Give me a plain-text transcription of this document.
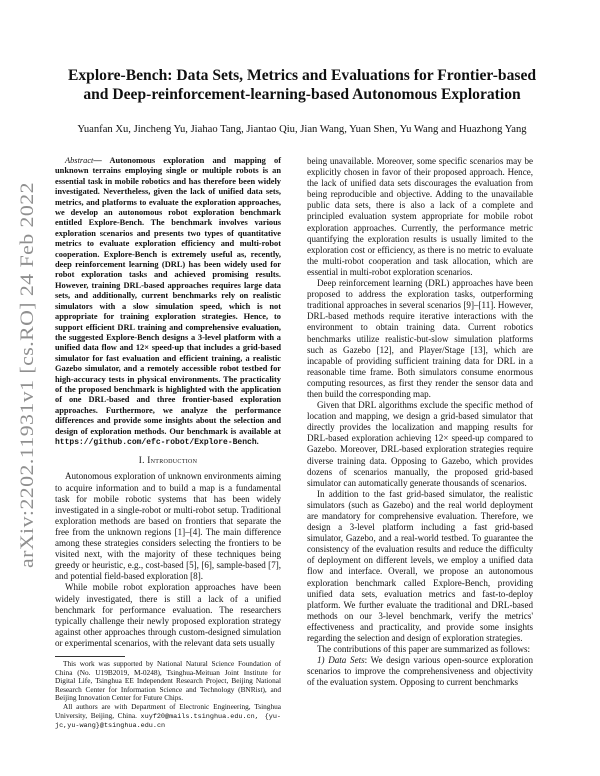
arXiv:2202.11931v1 [cs.RO] 24 Feb 2022
Explore-Bench: Data Sets, Metrics and Evaluations for Frontier-based
and Deep-reinforcement-learning-based Autonomous Exploration
Yuanfan Xu, Jincheng Yu, Jiahao Tang, Jiantao Qiu, Jian Wang, Yuan Shen, Yu Wang and Huazhong Yang

Abstract— Autonomous exploration and mapping of unknown terrains employing single or multiple robots is an essential task in mobile robotics and has therefore been widely investigated. Nevertheless, given the lack of unified data sets, metrics, and platforms to evaluate the exploration approaches, we develop an autonomous robot exploration benchmark entitled Explore-Bench. The benchmark involves various exploration scenarios and presents two types of quantitative metrics to evaluate exploration efficiency and multi-robot cooperation. Explore-Bench is extremely useful as, recently, deep reinforcement learning (DRL) has been widely used for robot exploration tasks and achieved promising results. However, training DRL-based approaches requires large data sets, and additionally, current benchmarks rely on realistic simulators with a slow simulation speed, which is not appropriate for training exploration strategies. Hence, to support efficient DRL training and comprehensive evaluation, the suggested Explore-Bench designs a 3-level platform with a unified data flow and 12× speed-up that includes a grid-based simulator for fast evaluation and efficient training, a realistic Gazebo simulator, and a remotely accessible robot testbed for high-accuracy tests in physical environments. The practicality of the proposed benchmark is highlighted with the application of one DRL-based and three frontier-based exploration approaches. Furthermore, we analyze the performance differences and provide some insights about the selection and design of exploration methods. Our benchmark is available at https://github.com/efc-robot/Explore-Bench.

I. Introduction

Autonomous exploration of unknown environments aiming to acquire information and to build a map is a fundamental task for mobile robotic systems that has been widely investigated in a single-robot or multi-robot setup. Traditional exploration methods are based on frontiers that separate the free from the unknown regions [1]–[4]. The main difference among these strategies considers selecting the frontiers to be visited next, with the majority of these techniques being greedy or heuristic, e.g., cost-based [5], [6], sample-based [7], and potential field-based exploration [8].

While mobile robot exploration approaches have been widely investigated, there is still a lack of a unified benchmark for performance evaluation. The researchers typically challenge their newly proposed exploration strategy against other approaches through custom-designed simulation or experimental scenarios, with the relevant data sets usually

This work was supported by National Natural Science Foundation of China (No. U19B2019, M-0248), Tsinghua-Meituan Joint Institute for Digital Life, Tsinghua EE Independent Research Project, Beijing National Research Center for Information Science and Technology (BNRist), and Beijing Innovation Center for Future Chips.

All authors are with Department of Electronic Engineering, Tsinghua University, Beijing, China. xuyf20@mails.tsinghua.edu.cn, {yu-jc,yu-wang}@tsinghua.edu.cn

being unavailable. Moreover, some specific scenarios may be explicitly chosen in favor of their proposed approach. Hence, the lack of unified data sets discourages the evaluation from being reproducible and objective. Adding to the unavailable public data sets, there is also a lack of a complete and principled evaluation system appropriate for mobile robot exploration approaches. Currently, the performance metric quantifying the exploration results is usually limited to the exploration cost or efficiency, as there is no metric to evaluate the multi-robot cooperation and task allocation, which are essential in multi-robot exploration scenarios.

Deep reinforcement learning (DRL) approaches have been proposed to address the exploration tasks, outperforming traditional approaches in several scenarios [9]–[11]. However, DRL-based methods require iterative interactions with the environment to obtain training data. Current robotics benchmarks utilize realistic-but-slow simulation platforms such as Gazebo [12], and Player/Stage [13], which are incapable of providing sufficient training data for DRL in a reasonable time frame. Both simulators consume enormous computing resources, as first they render the sensor data and then build the corresponding map.

Given that DRL algorithms exclude the specific method of location and mapping, we design a grid-based simulator that directly provides the localization and mapping results for DRL-based exploration achieving 12× speed-up compared to Gazebo. Moreover, DRL-based exploration strategies require diverse training data. Opposing to Gazebo, which provides dozens of scenarios manually, the proposed grid-based simulator can automatically generate thousands of scenarios.

In addition to the fast grid-based simulator, the realistic simulators (such as Gazebo) and the real world deployment are mandatory for comprehensive evaluation. Therefore, we design a 3-level platform including a fast grid-based simulator, Gazebo, and a real-world testbed. To guarantee the consistency of the evaluation results and reduce the difficulty of deployment on different levels, we employ a unified data flow and interface. Overall, we propose an autonomous exploration benchmark called Explore-Bench, providing unified data sets, evaluation metrics and fast-to-deploy platform. We further evaluate the traditional and DRL-based methods on our 3-level benchmark, verify the metrics' effectiveness and practicality, and provide some insights regarding the selection and design of exploration strategies.

The contributions of this paper are summarized as follows:

1) Data Sets: We design various open-source exploration scenarios to improve the comprehensiveness and objectivity of the evaluation system. Opposing to current benchmarks
